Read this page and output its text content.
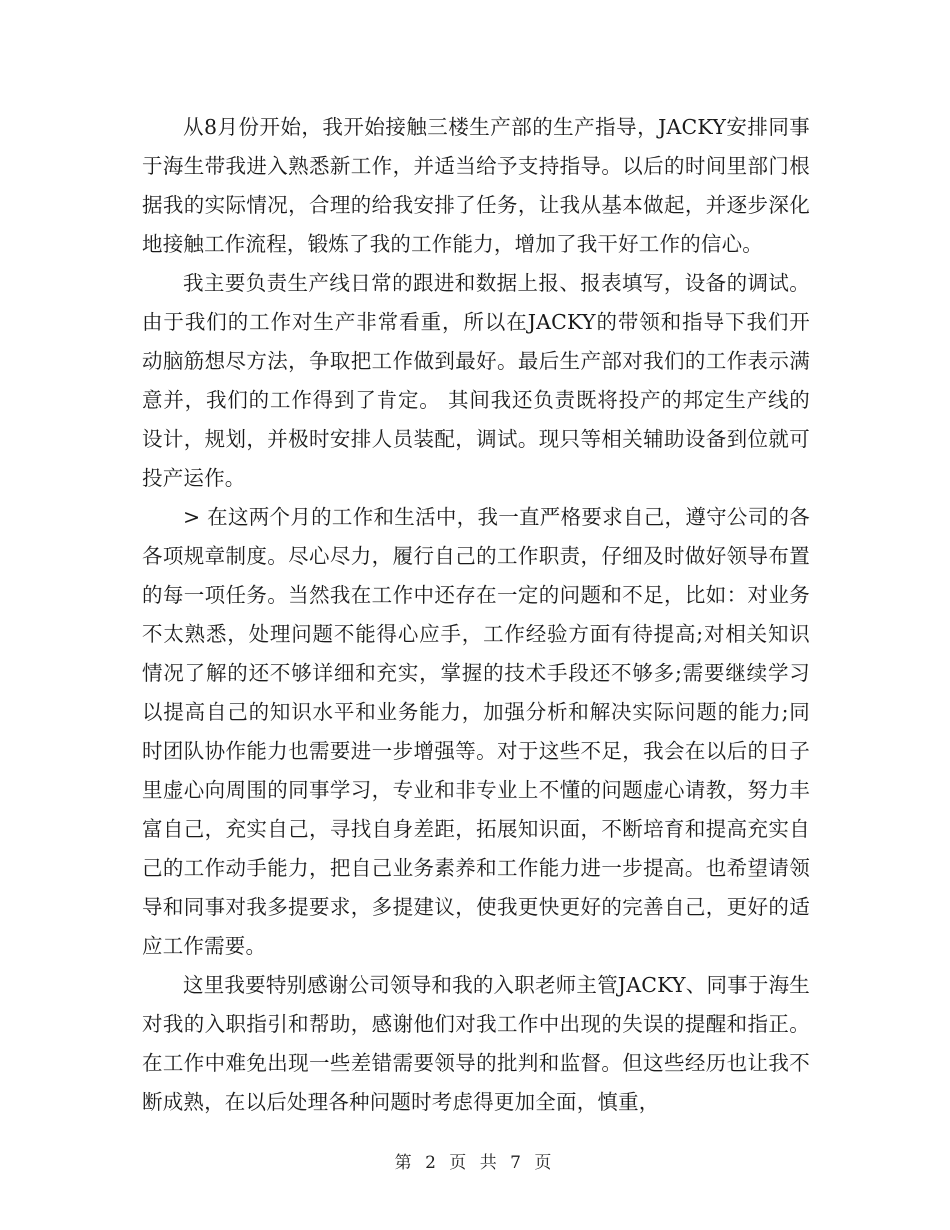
从8月份开始，我开始接触三楼生产部的生产指导，JACKY安排同事于海生带我进入熟悉新工作，并适当给予支持指导。以后的时间里部门根据我的实际情况，合理的给我安排了任务，让我从基本做起，并逐步深化地接触工作流程，锻炼了我的工作能力，增加了我干好工作的信心。

我主要负责生产线日常的跟进和数据上报、报表填写，设备的调试。由于我们的工作对生产非常看重，所以在JACKY的带领和指导下我们开动脑筋想尽方法，争取把工作做到最好。最后生产部对我们的工作表示满意并，我们的工作得到了肯定。 其间我还负责既将投产的邦定生产线的设计，规划，并极时安排人员装配，调试。现只等相关辅助设备到位就可投产运作。

> 在这两个月的工作和生活中，我一直严格要求自己，遵守公司的各各项规章制度。尽心尽力，履行自己的工作职责，仔细及时做好领导布置的每一项任务。当然我在工作中还存在一定的问题和不足，比如：对业务不太熟悉，处理问题不能得心应手，工作经验方面有待提高;对相关知识情况了解的还不够详细和充实，掌握的技术手段还不够多;需要继续学习以提高自己的知识水平和业务能力，加强分析和解决实际问题的能力;同时团队协作能力也需要进一步增强等。对于这些不足，我会在以后的日子里虚心向周围的同事学习，专业和非专业上不懂的问题虚心请教，努力丰富自己，充实自己，寻找自身差距，拓展知识面，不断培育和提高充实自己的工作动手能力，把自己业务素养和工作能力进一步提高。也希望请领导和同事对我多提要求，多提建议，使我更快更好的完善自己，更好的适应工作需要。

这里我要特别感谢公司领导和我的入职老师主管JACKY、同事于海生对我的入职指引和帮助，感谢他们对我工作中出现的失误的提醒和指正。在工作中难免出现一些差错需要领导的批判和监督。但这些经历也让我不断成熟，在以后处理各种问题时考虑得更加全面，慎重，

第 2 页 共 7 页
